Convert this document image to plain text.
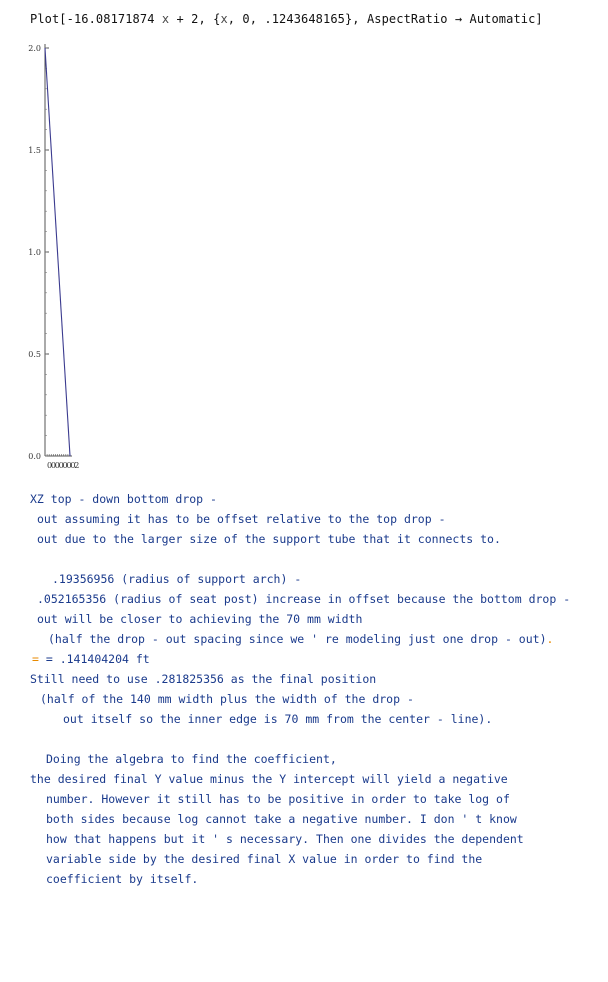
Plot[-16.08171874 x + 2, {x, 0, .1243648165}, AspectRatio → Automatic]
0.0
0.5
1.0
1.5
2.0
00000002

XZ top - down bottom drop -

out assuming it has to be offset relative to the top drop -

out due to the larger size of the support tube that it connects to.

.19356956 (radius of support arch) -

.052165356 (radius of seat post) increase in offset because the bottom drop -

out will be closer to achieving the 70 mm width

(half the drop - out spacing since we ' re modeling just one drop - out).

= = .141404204 ft

Still need to use .281825356 as the final position

(half of the 140 mm width plus the width of the drop -

out itself so the inner edge is 70 mm from the center - line).

Doing the algebra to find the coefficient,

the desired final Y value minus the Y intercept will yield a negative

number. However it still has to be positive in order to take log of

both sides because log cannot take a negative number. I don ' t know

how that happens but it ' s necessary. Then one divides the dependent

variable side by the desired final X value in order to find the

coefficient by itself.
